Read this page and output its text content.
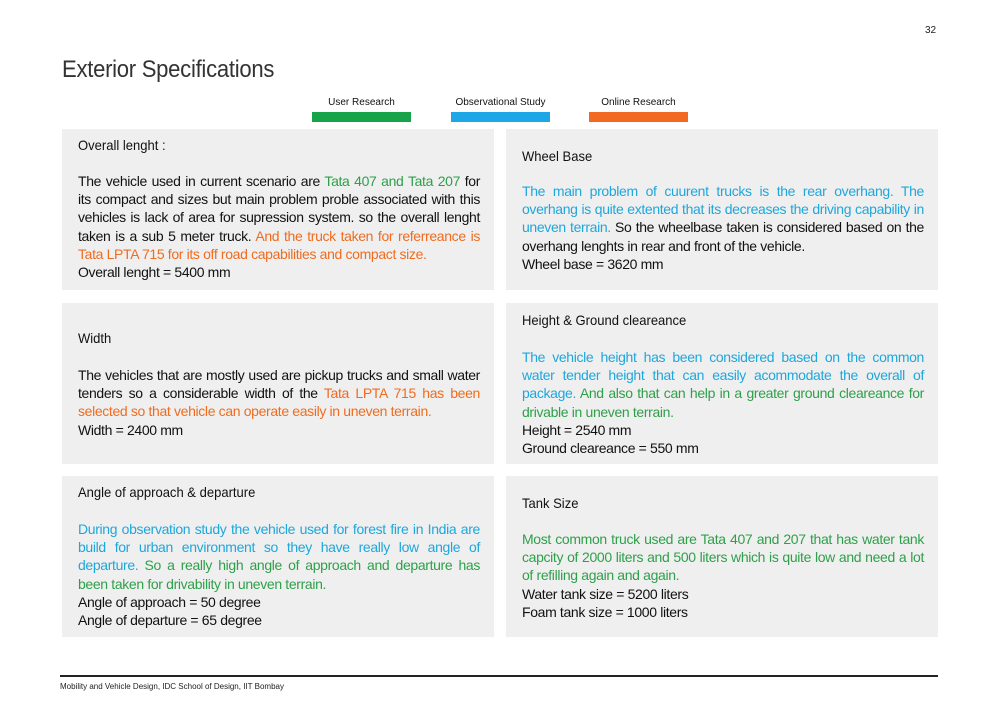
32
Exterior Specifications
User Research	Observational Study	Online Research
Overall lenght :
The vehicle used in current scenario are Tata 407 and Tata 207 for its compact and sizes but main problem proble associated with this vehicles is lack of area for supression system. so the overall lenght taken is a sub 5 meter truck. And the truck taken for referreance is Tata LPTA 715 for its off road capabilities and compact size.
Overall lenght = 5400 mm
Wheel Base
The main problem of cuurent trucks is the rear overhang. The overhang is quite extented that its decreases the driving capability in uneven terrain. So the wheelbase taken is considered based on the overhang lenghts in rear and front of the vehicle.
Wheel base = 3620 mm
Width
The vehicles that are mostly used are pickup trucks and small water tenders so a considerable width of the Tata LPTA 715 has been selected so that vehicle can operate easily in uneven terrain.
Width = 2400 mm
Height & Ground cleareance
The vehicle height has been considered based on the common water tender height that can easily acommodate the overall of package. And also that can help in a greater ground cleareance for drivable in uneven terrain.
Height = 2540 mm
Ground cleareance = 550 mm
Angle of approach & departure
During observation study the vehicle used for forest fire in India are build for urban environment so they have really low angle of departure. So a really high angle of approach and departure has been taken for drivability in uneven terrain.
Angle of approach = 50 degree
Angle of departure = 65 degree
Tank Size
Most common truck used are Tata 407 and 207 that has water tank capcity of 2000 liters and 500 liters which is quite low and need a lot of refilling again and again.
Water tank size = 5200 liters
Foam tank size = 1000 liters
Mobility and Vehicle Design, IDC School of Design, IIT Bombay
